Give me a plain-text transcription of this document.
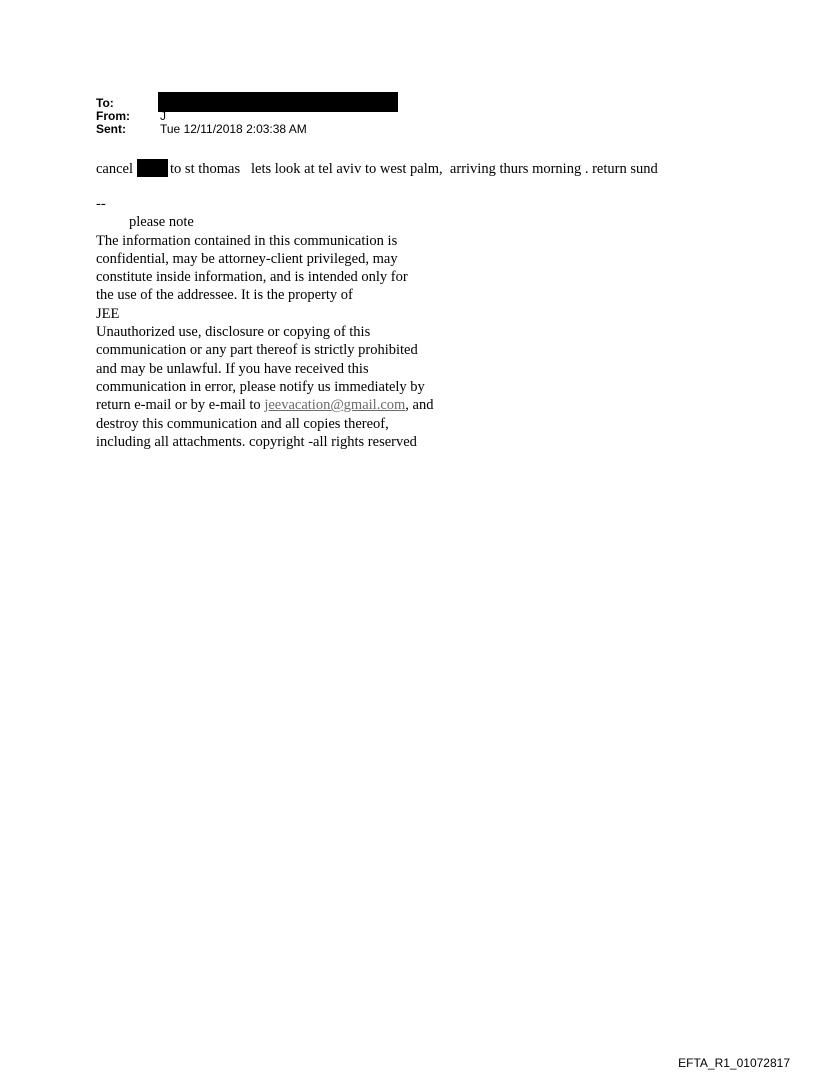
To:
From:	J
Sent:	Tue 12/11/2018 2:03:38 AM
cancel	to st thomas   lets look at tel aviv to west palm,  arriving thurs morning . return sund
--
please note
The information contained in this communication is
confidential, may be attorney-client privileged, may
constitute inside information, and is intended only for
the use of the addressee. It is the property of
JEE
Unauthorized use, disclosure or copying of this
communication or any part thereof is strictly prohibited
and may be unlawful. If you have received this
communication in error, please notify us immediately by
return e-mail or by e-mail to jeevacation@gmail.com, and
destroy this communication and all copies thereof,
including all attachments. copyright -all rights reserved
EFTA_R1_01072817
